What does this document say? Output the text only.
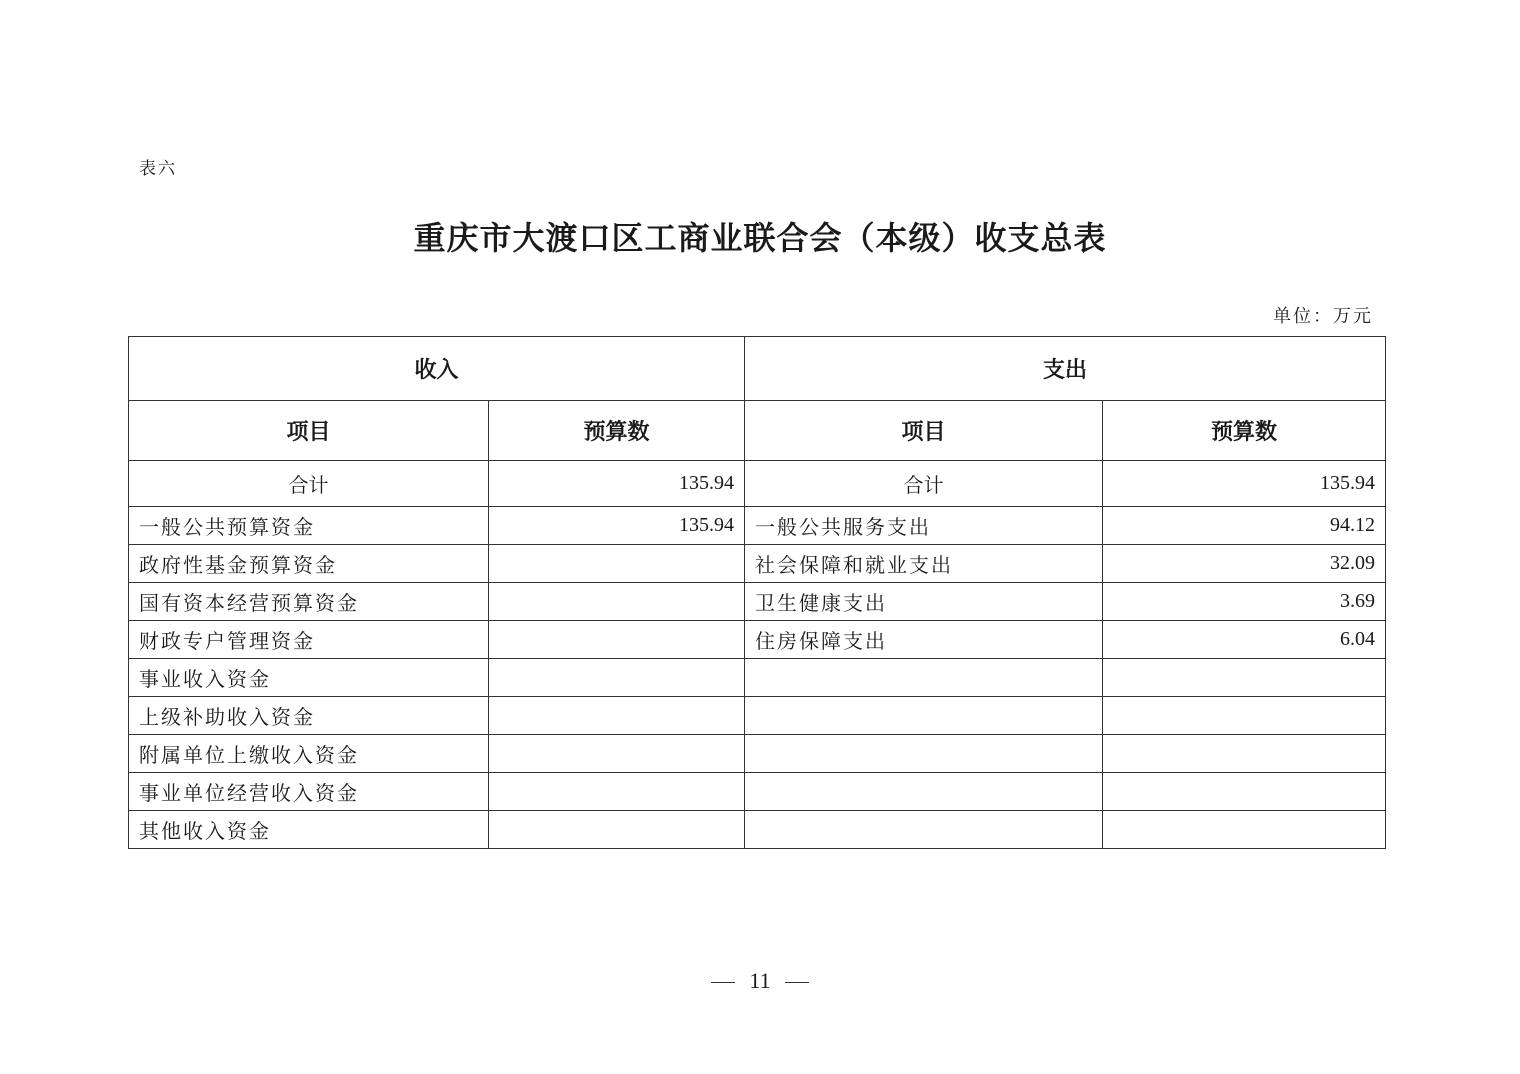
表六
重庆市大渡口区工商业联合会（本级）收支总表
单位：万元
收入		支出	
项目	预算数	项目	预算数
合计	135.94	合计	135.94
一般公共预算资金	135.94	一般公共服务支出	94.12
政府性基金预算资金		社会保障和就业支出	32.09
国有资本经营预算资金		卫生健康支出	3.69
财政专户管理资金		住房保障支出	6.04
事业收入资金			
上级补助收入资金			
附属单位上缴收入资金			
事业单位经营收入资金			
其他收入资金			
11
